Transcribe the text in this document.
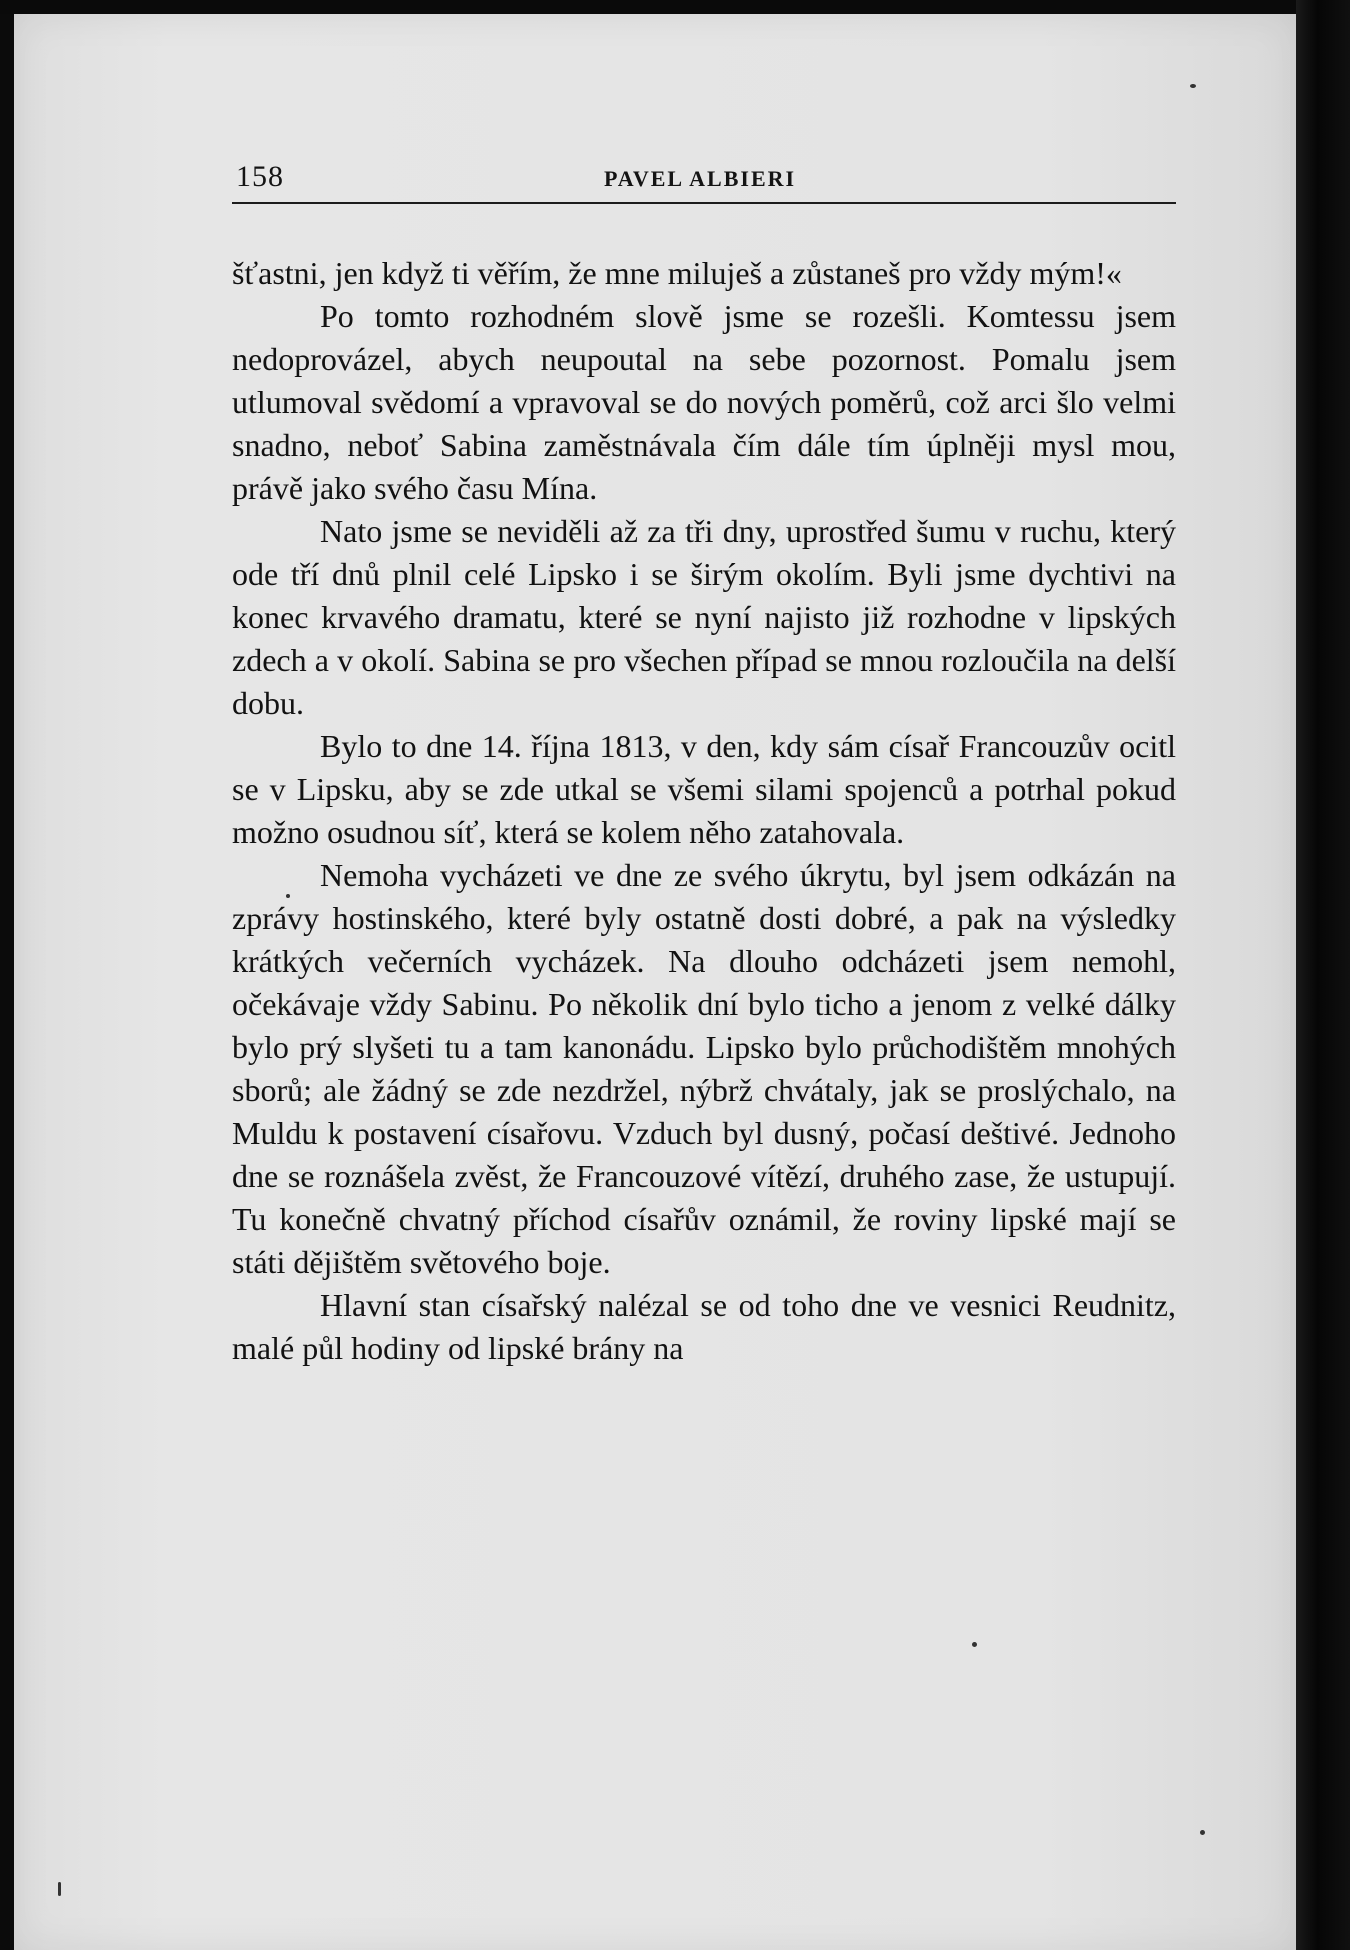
158	PAVEL ALBIERI

šťastni, jen když ti věřím, že mne miluješ a zůstaneš pro vždy mým!«

Po tomto rozhodném slově jsme se rozešli. Komtessu jsem nedoprovázel, abych neupoutal na sebe pozornost. Pomalu jsem utlumoval svědomí a vpravoval se do nových poměrů, což arci šlo velmi snadno, neboť Sabina zaměstnávala čím dále tím úplněji mysl mou, právě jako svého času Mína.

Nato jsme se neviděli až za tři dny, uprostřed šumu v ruchu, který ode tří dnů plnil celé Lipsko i se širým okolím. Byli jsme dychtivi na konec krvavého dramatu, které se nyní najisto již rozhodne v lipských zdech a v okolí. Sabina se pro všechen případ se mnou rozloučila na delší dobu.

Bylo to dne 14. října 1813, v den, kdy sám císař Francouzův ocitl se v Lipsku, aby se zde utkal se všemi silami spojenců a potrhal pokud možno osudnou síť, která se kolem něho zatahovala.

Nemoha vycházeti ve dne ze svého úkrytu, byl jsem odkázán na zprávy hostinského, které byly ostatně dosti dobré, a pak na výsledky krátkých večerních vycházek. Na dlouho odcházeti jsem nemohl, očekávaje vždy Sabinu. Po několik dní bylo ticho a jenom z velké dálky bylo prý slyšeti tu a tam kanonádu. Lipsko bylo průchodištěm mnohých sborů; ale žádný se zde nezdržel, nýbrž chvátaly, jak se proslýchalo, na Muldu k postavení císařovu. Vzduch byl dusný, počasí deštivé. Jednoho dne se roznášela zvěst, že Francouzové vítězí, druhého zase, že ustupují. Tu konečně chvatný příchod císařův oznámil, že roviny lipské mají se státi dějištěm světového boje.

Hlavní stan císařský nalézal se od toho dne ve vesnici Reudnitz, malé půl hodiny od lipské brány na
